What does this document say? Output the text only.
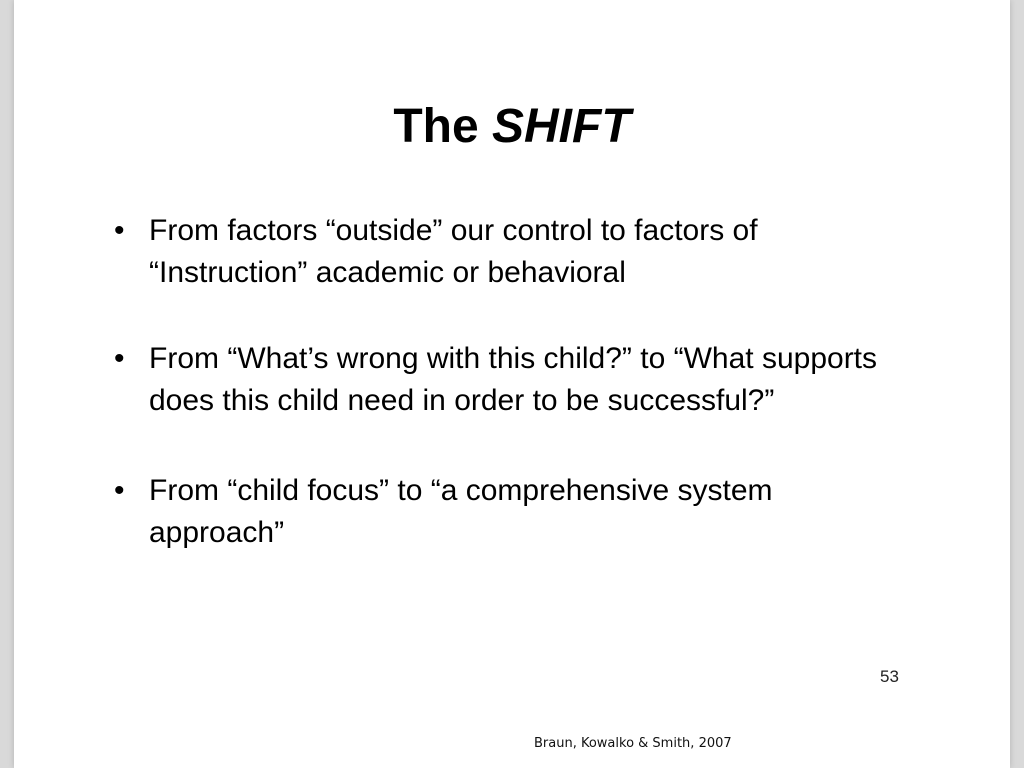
The SHIFT
• From factors “outside” our control to factors of “Instruction” academic or behavioral
• From “What’s wrong with this child?” to “What supports does this child need in order to be successful?”
• From “child focus” to “a comprehensive system approach”
53
Braun, Kowalko & Smith, 2007
